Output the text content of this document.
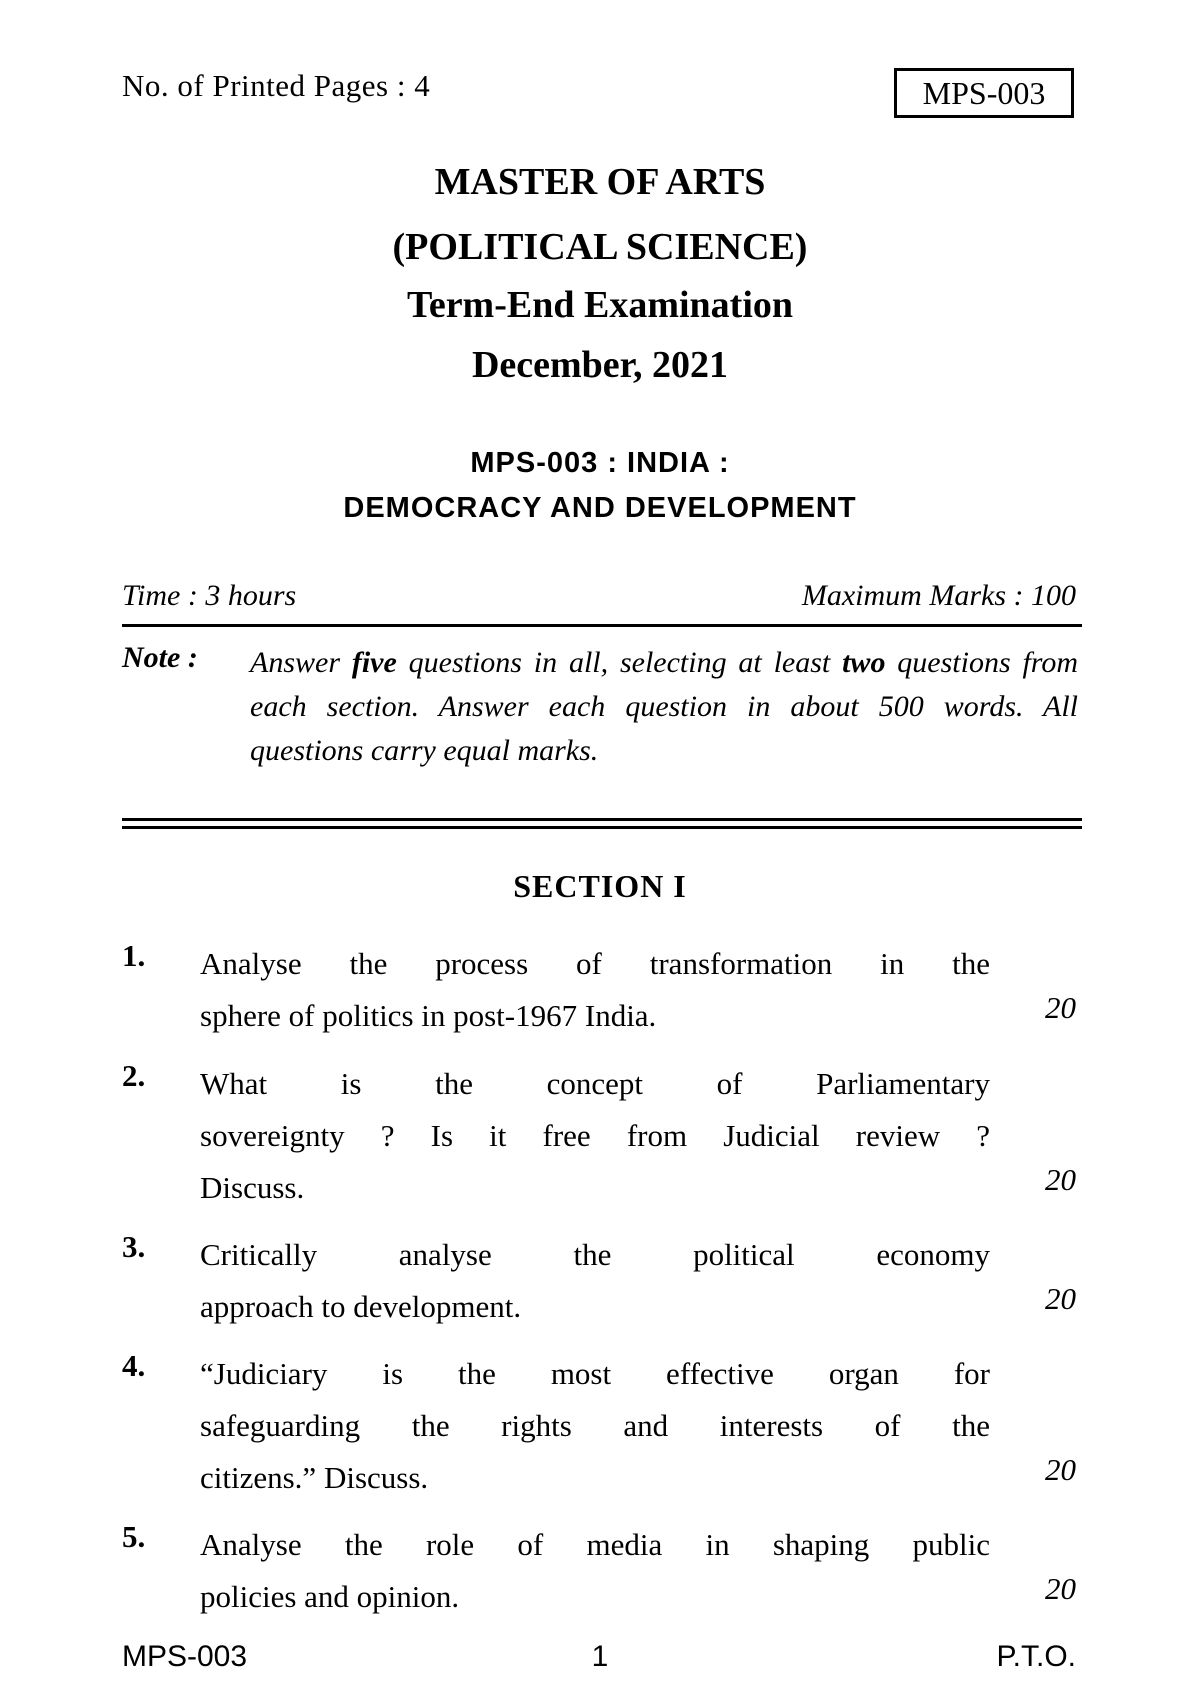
No. of Printed Pages : 4	MPS-003
MASTER OF ARTS
(POLITICAL SCIENCE)
Term-End Examination
December, 2021
MPS-003 : INDIA :
DEMOCRACY AND DEVELOPMENT
Time : 3 hours	Maximum Marks : 100
Note : Answer five questions in all, selecting at least two questions from each section. Answer each question in about 500 words. All questions carry equal marks.
SECTION I
1. Analyse the process of transformation in the
sphere of politics in post-1967 India.	20
2. What is the concept of Parliamentary
sovereignty ? Is it free from Judicial review ?
Discuss.	20
3. Critically analyse the political economy
approach to development.	20
4. “Judiciary is the most effective organ for
safeguarding the rights and interests of the
citizens.” Discuss.	20
5. Analyse the role of media in shaping public
policies and opinion.	20
MPS-003	1	P.T.O.
